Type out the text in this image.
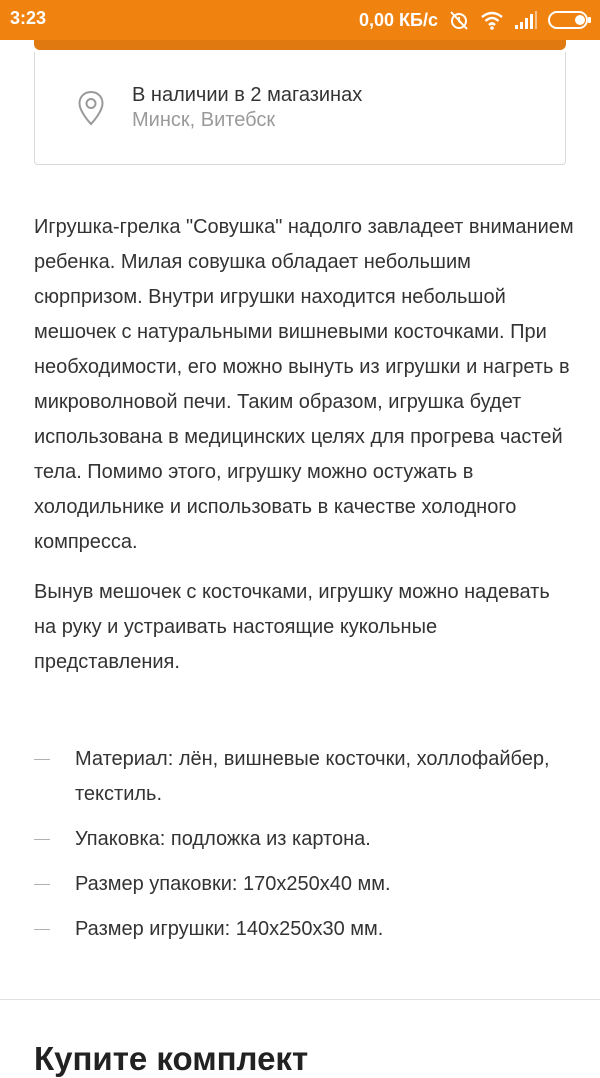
3:23	0,00 КБ/с
В наличии в 2 магазинах
Минск, Витебск

Игрушка-грелка "Совушка" надолго завладеет вниманием ребенка. Милая совушка обладает небольшим сюрпризом. Внутри игрушки находится небольшой мешочек с натуральными вишневыми косточками. При необходимости, его можно вынуть из игрушки и нагреть в микроволновой печи. Таким образом, игрушка будет использована в медицинских целях для прогрева частей тела. Помимо этого, игрушку можно остужать в холодильнике и использовать в качестве холодного компресса.

Вынув мешочек с косточками, игрушку можно надевать на руку и устраивать настоящие кукольные представления.

Материал: лён, вишневые косточки, холлофайбер, текстиль.
Упаковка: подложка из картона.
Размер упаковки: 170x250x40 мм.
Размер игрушки: 140x250x30 мм.
Купите комплект
